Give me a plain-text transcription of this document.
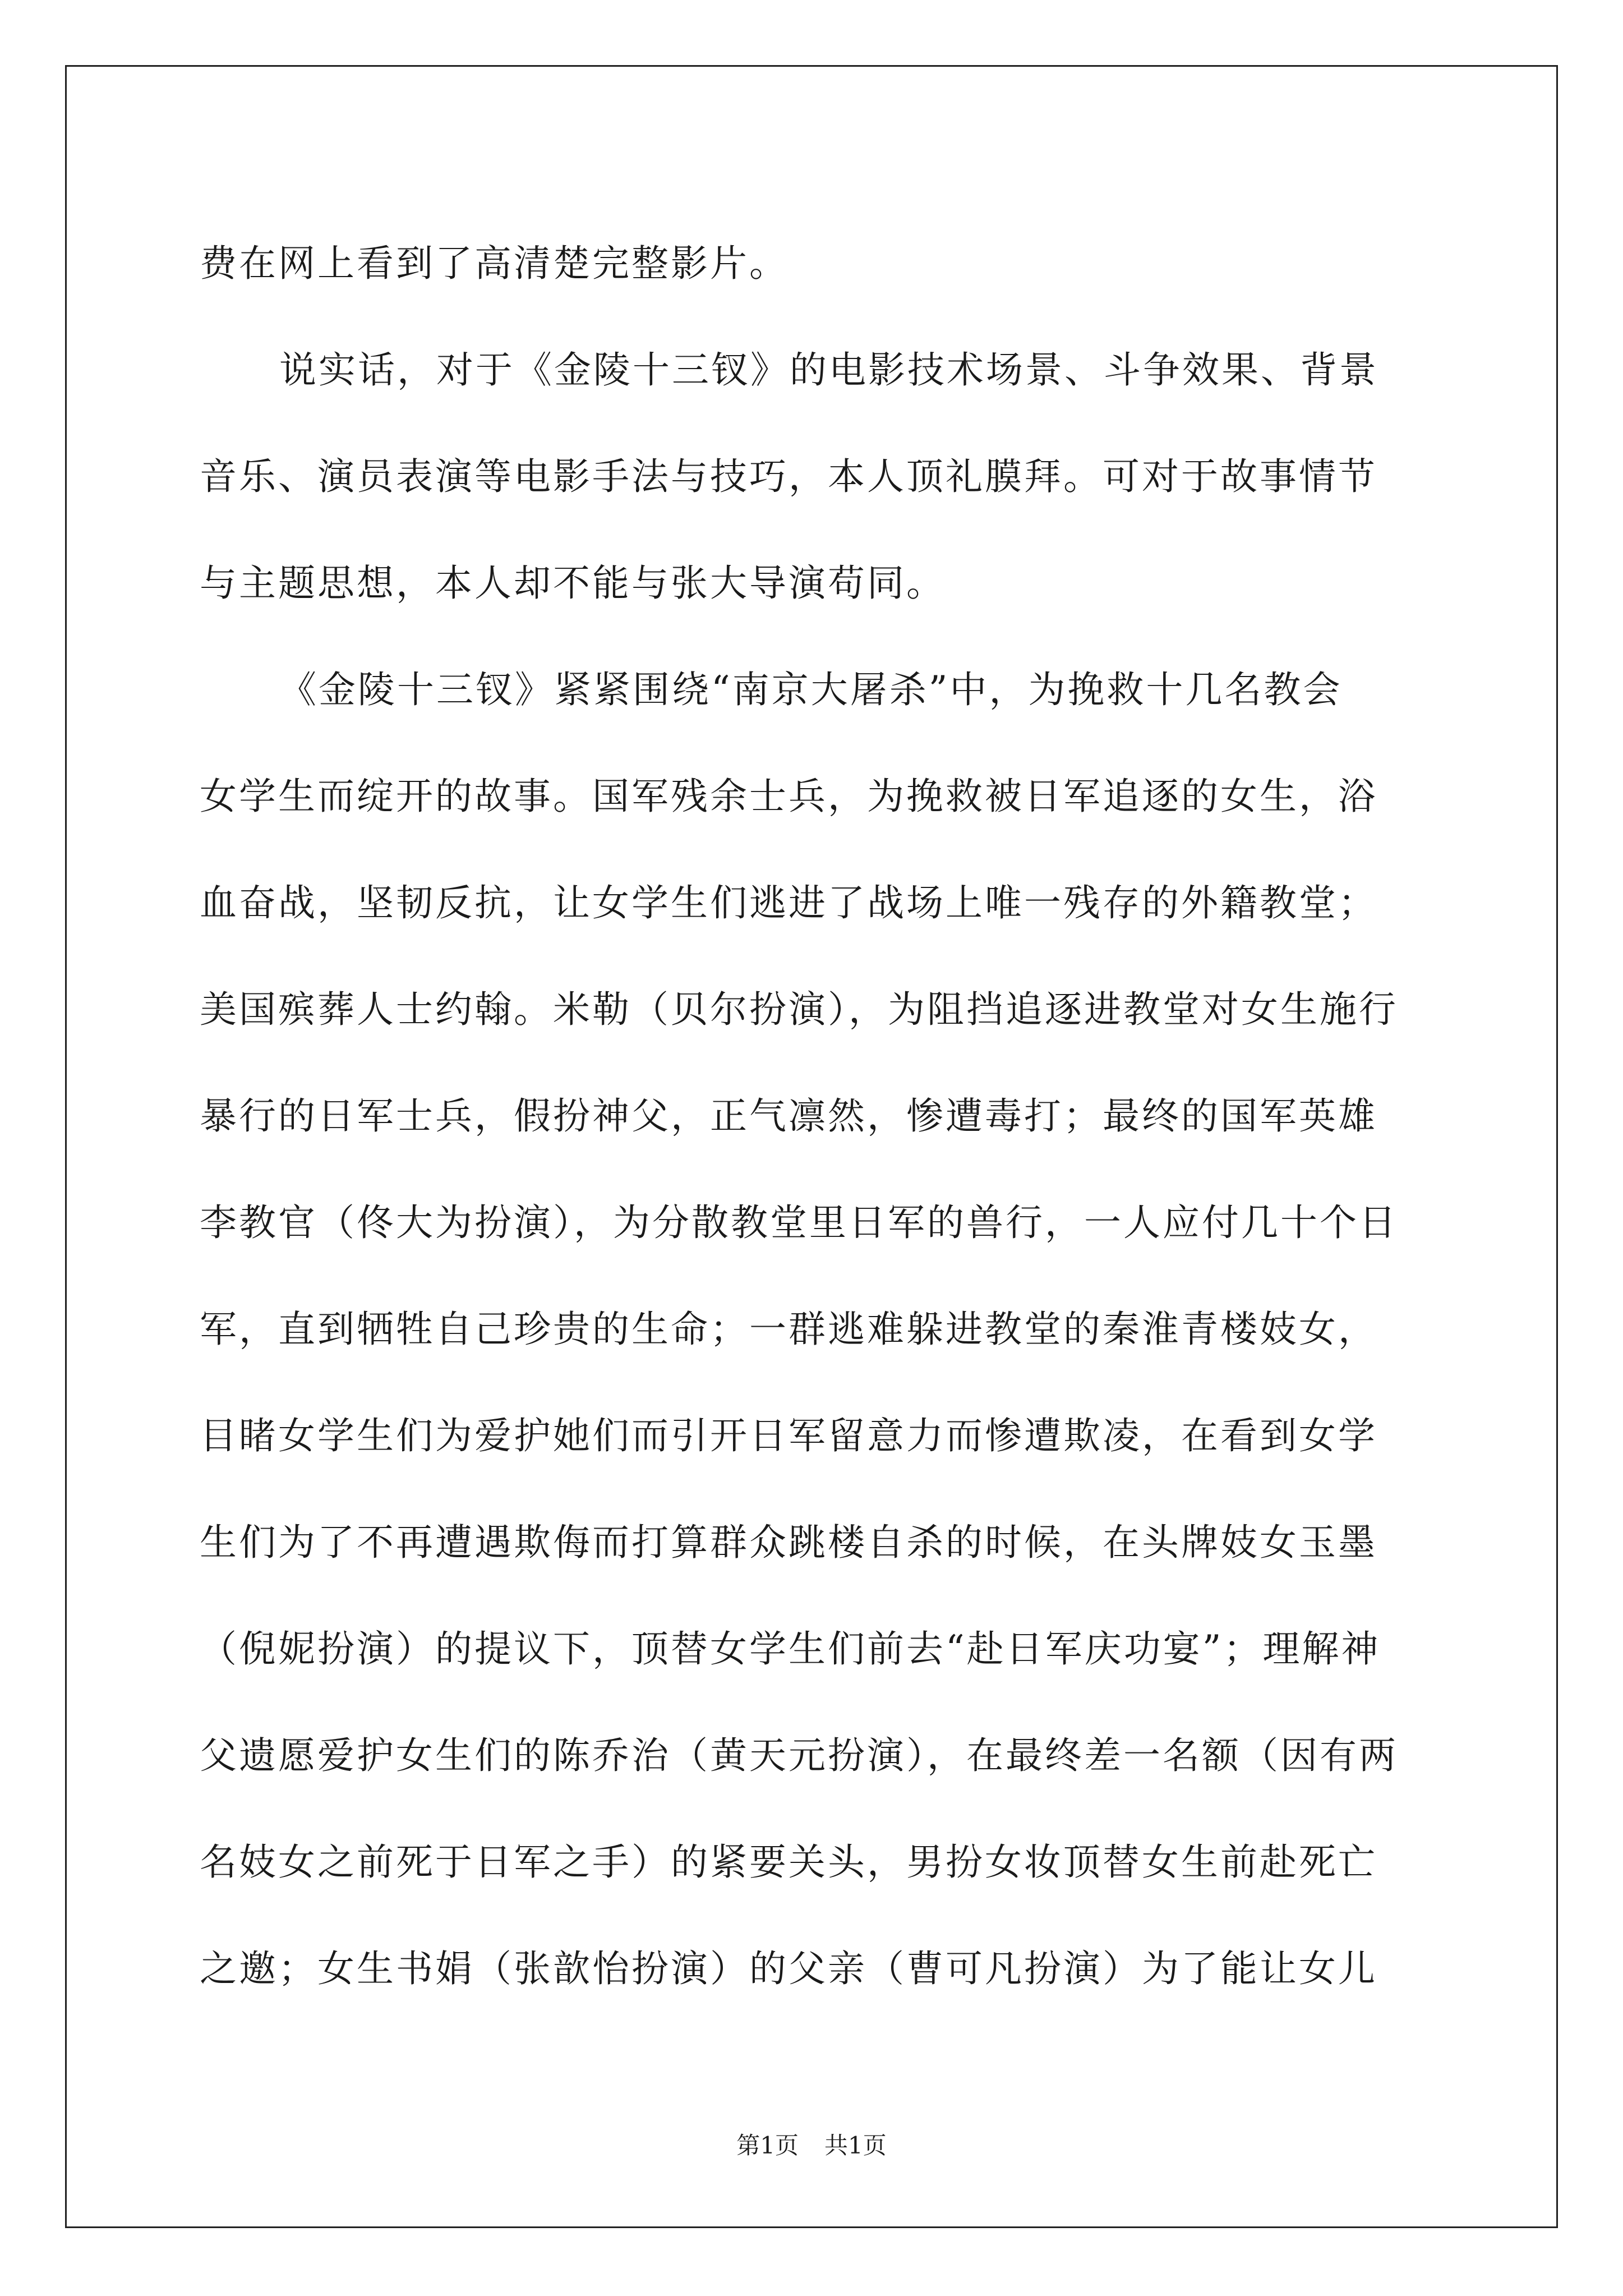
费在网上看到了高清楚完整影片。
说实话，对于《金陵十三钗》的电影技术场景、斗争效果、背景
音乐、演员表演等电影手法与技巧，本人顶礼膜拜。可对于故事情节
与主题思想，本人却不能与张大导演苟同。
《金陵十三钗》紧紧围绕“南京大屠杀”中，为挽救十几名教会
女学生而绽开的故事。国军残余士兵，为挽救被日军追逐的女生，浴
血奋战，坚韧反抗，让女学生们逃进了战场上唯一残存的外籍教堂；
美国殡葬人士约翰。米勒（贝尔扮演），为阻挡追逐进教堂对女生施行
暴行的日军士兵，假扮神父，正气凛然，惨遭毒打；最终的国军英雄
李教官（佟大为扮演），为分散教堂里日军的兽行，一人应付几十个日
军，直到牺牲自己珍贵的生命；一群逃难躲进教堂的秦淮青楼妓女，
目睹女学生们为爱护她们而引开日军留意力而惨遭欺凌，在看到女学
生们为了不再遭遇欺侮而打算群众跳楼自杀的时候，在头牌妓女玉墨
（倪妮扮演）的提议下，顶替女学生们前去“赴日军庆功宴”；理解神
父遗愿爱护女生们的陈乔治（黄天元扮演），在最终差一名额（因有两
名妓女之前死于日军之手）的紧要关头，男扮女妆顶替女生前赴死亡
之邀；女生书娟（张歆怡扮演）的父亲（曹可凡扮演）为了能让女儿
第1页 共1页
